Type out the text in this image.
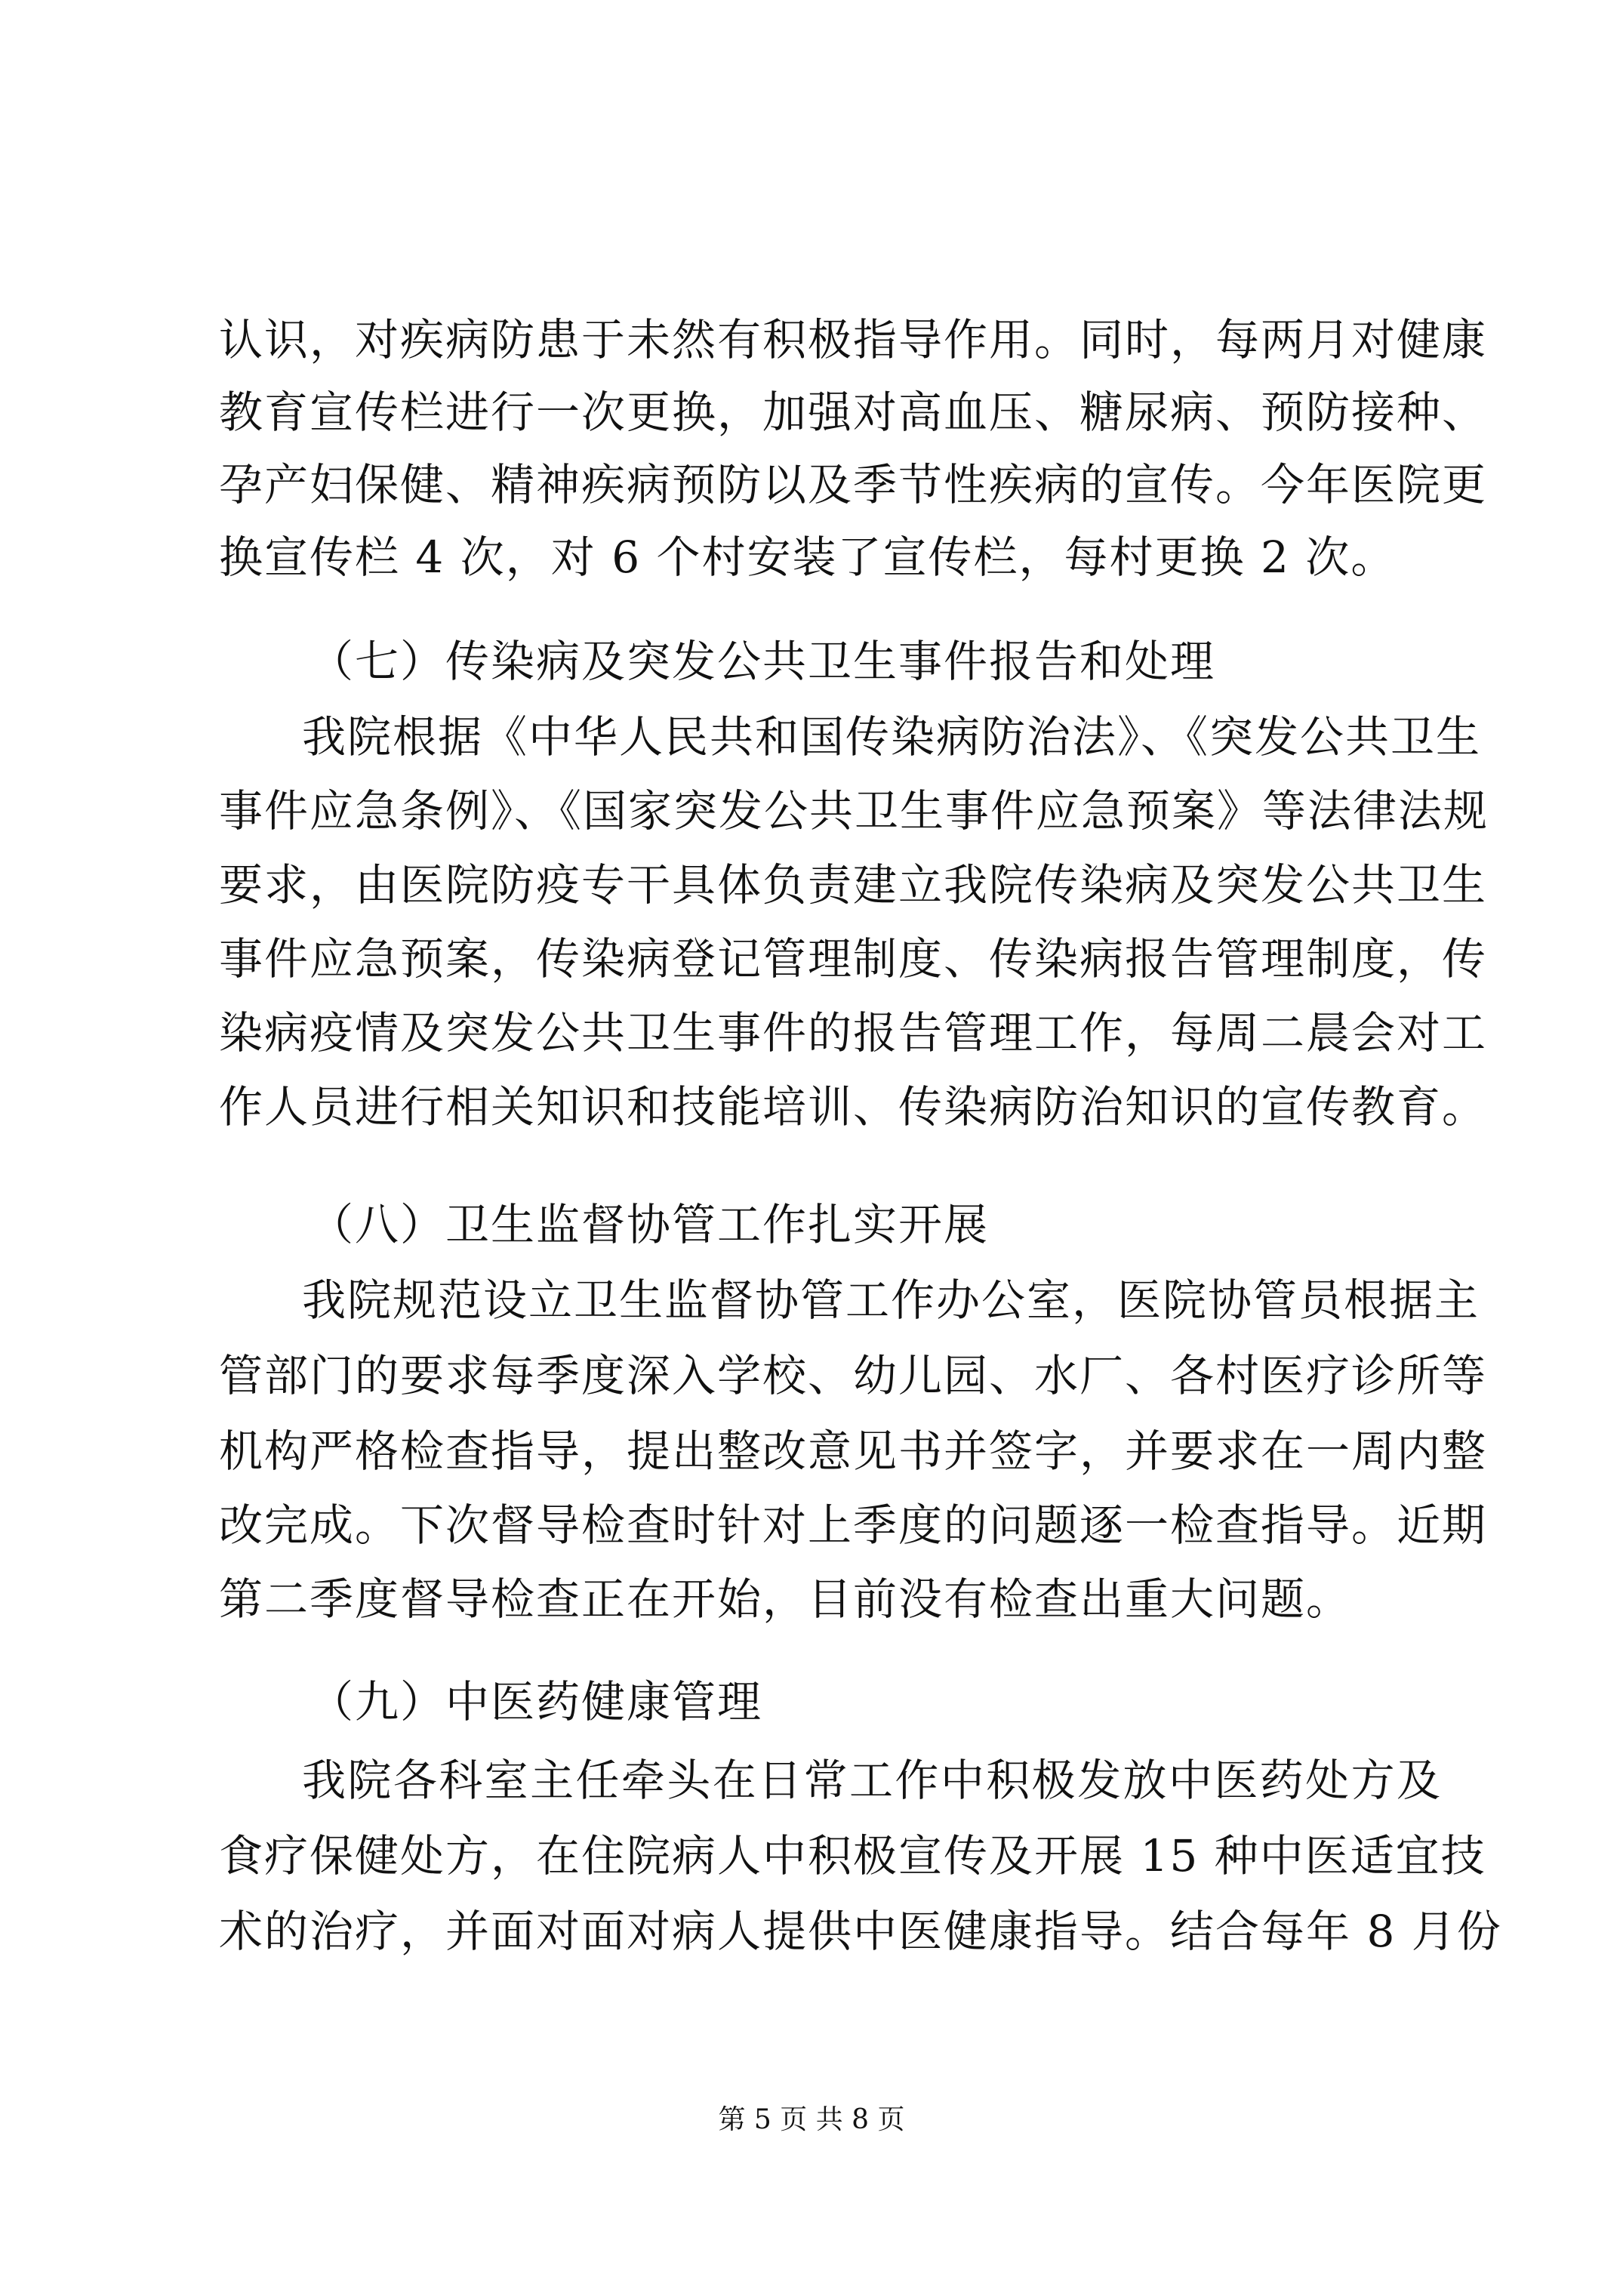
认识，对疾病防患于未然有积极指导作用。同时，每两月对健康
教育宣传栏进行一次更换，加强对高血压、糖尿病、预防接种、
孕产妇保健、精神疾病预防以及季节性疾病的宣传。今年医院更
换宣传栏 4 次，对 6 个村安装了宣传栏，每村更换 2 次。
（七）传染病及突发公共卫生事件报告和处理
我院根据《中华人民共和国传染病防治法》、《突发公共卫生
事件应急条例》、《国家突发公共卫生事件应急预案》等法律法规
要求，由医院防疫专干具体负责建立我院传染病及突发公共卫生
事件应急预案，传染病登记管理制度、传染病报告管理制度，传
染病疫情及突发公共卫生事件的报告管理工作，每周二晨会对工
作人员进行相关知识和技能培训、传染病防治知识的宣传教育。
（八）卫生监督协管工作扎实开展
我院规范设立卫生监督协管工作办公室，医院协管员根据主
管部门的要求每季度深入学校、幼儿园、水厂、各村医疗诊所等
机构严格检查指导，提出整改意见书并签字，并要求在一周内整
改完成。下次督导检查时针对上季度的问题逐一检查指导。近期
第二季度督导检查正在开始，目前没有检查出重大问题。
（九）中医药健康管理
我院各科室主任牵头在日常工作中积极发放中医药处方及
食疗保健处方，在住院病人中积极宣传及开展 15 种中医适宜技
术的治疗，并面对面对病人提供中医健康指导。结合每年 8 月份
第 5 页 共 8 页
